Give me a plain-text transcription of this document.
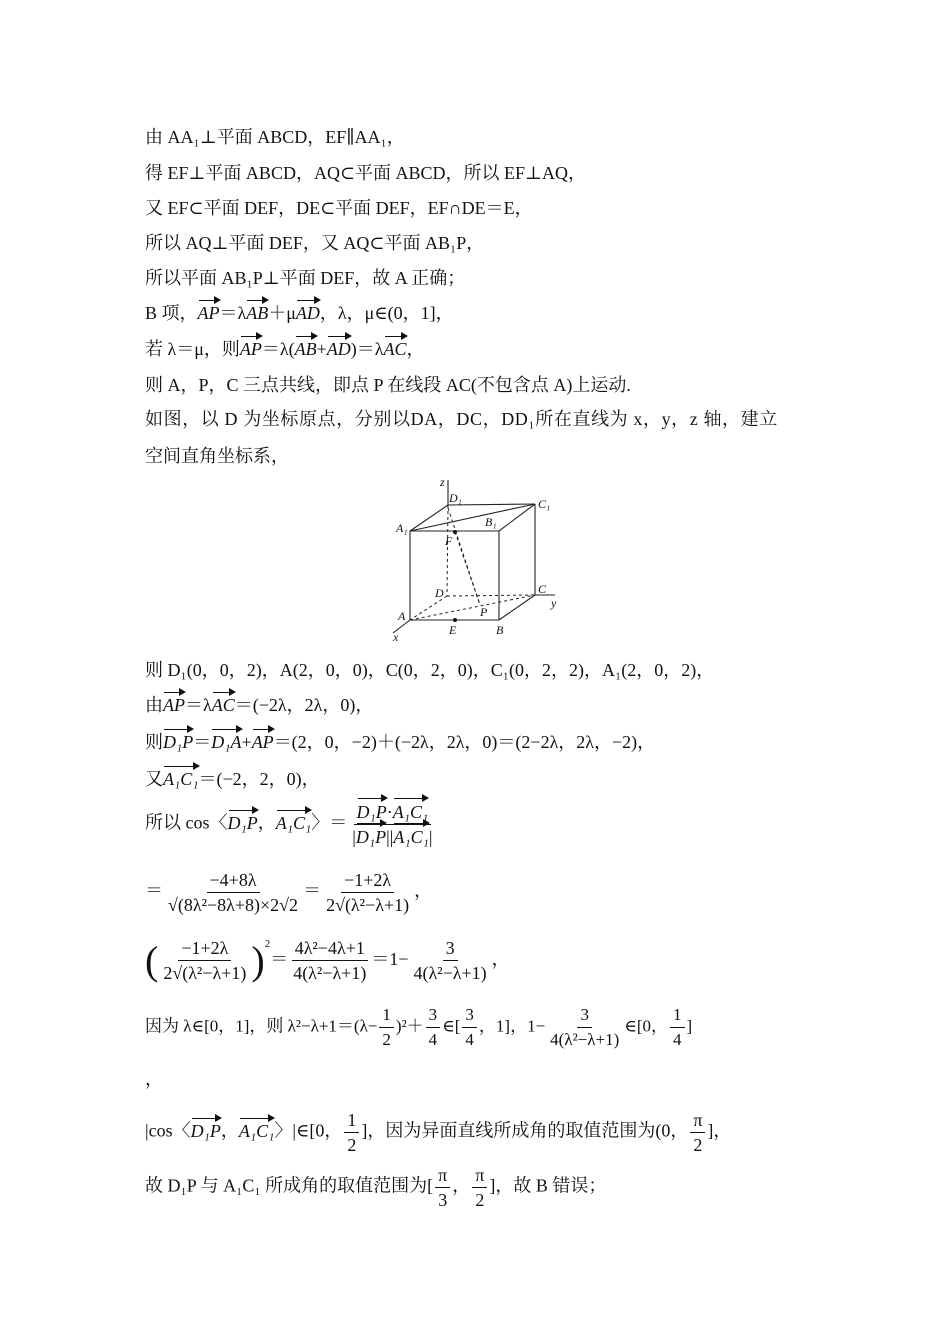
由 AA₁⊥平面 ABCD，EF∥AA₁，
得 EF⊥平面 ABCD，AQ⊂平面 ABCD，所以 EF⊥AQ，
又 EF⊂平面 DEF，DE⊂平面 DEF，EF∩DE＝E，
所以 AQ⊥平面 DEF，又 AQ⊂平面 AB₁P，
所以平面 AB₁P⊥平面 DEF，故 A 正确；
B 项，AP＝λAB＋μAD，λ，μ∈(0，1]，
若 λ＝μ，则AP＝λ(AB+AD)＝λAC，
则 A，P，C 三点共线，即点 P 在线段 AC(不包含点 A)上运动.
如图，以 D 为坐标原点，分别以DA，DC，DD₁所在直线为 x，y，z 轴，建立
空间直角坐标系，
z
D₁	C₁
A₁	B₁
F
D	C
y
A	P
E	B
x
则 D₁(0，0，2)，A(2，0，0)，C(0，2，0)，C₁(0，2，2)，A₁(2，0，2)，
由AP＝λAC＝(−2λ，2λ，0)，
则D₁P＝D₁A+AP＝(2，0，−2)＋(−2λ，2λ，0)＝(2−2λ，2λ，−2)，
又A₁C₁＝(−2，2，0)，
所以 cos〈D₁P，A₁C₁〉＝ $\frac{\text{D₁P·A₁C₁}}{\text{|D₁P||A₁C₁|}}$
＝ $\frac{-4+8\lambda}{\text{√(8λ²−8λ+8)×2√2}} = \frac{-1+2\lambda}{\text{2√(λ²−λ+1)}}$ ，
( $\frac{-1+2\lambda}{\text{2√(λ²−λ+1)}} )^2= \frac{\text{4λ²−4λ+1}}{\text{4(λ²−λ+1)}} =1- \frac{3}{\text{4(λ²−λ+1)}}$ ，
因为 λ∈[0，1]，则 $\lambda^2-\lambda+1=(\lambda- \frac{1}{2} )^2+ \frac{3}{4}$ ∈[ $\frac{3}{4}$ ，1]，$1- \frac{3}{\text{4(λ²−λ+1)}}$ ∈[0， $\frac{1}{4}$ ]
，
|cos〈D₁P，A₁C₁〉|∈[0， $\frac{1}{2}$ ]，因为异面直线所成角的取值范围为(0， $\frac{\pi}{2}$ ]，
故 D₁P 与 A₁C₁ 所成角的取值范围为[ $\frac{\pi}{3}$ ， $\frac{\pi}{2}$ ]，故 B 错误；
